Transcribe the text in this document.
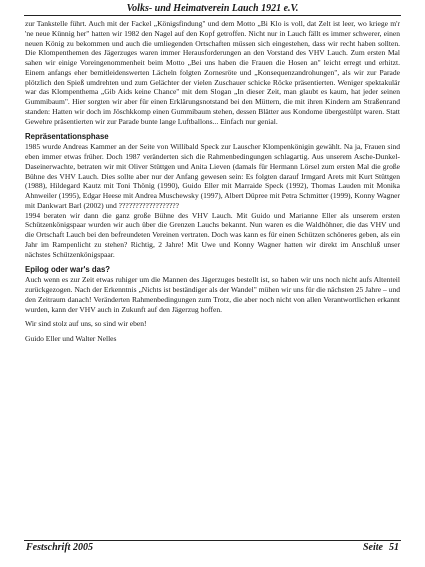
Volks- und Heimatverein Lauch 1921 e.V.

zur Tankstelle führt. Auch mit der Fackel „Königsfindung" und dem Motto „Bi Klo is voll, dat Zelt ist leer, wo kriege m'r 'ne neue Künnig her" hatten wir 1982 den Nagel auf den Kopf getroffen. Nicht nur in Lauch fällt es immer schwerer, einen neuen König zu bekommen und auch die umliegenden Ortschaften müssen sich eingestehen, dass wir recht haben sollten. Die Klompenthemen des Jägerzuges waren immer Herausforderungen an den Vorstand des VHV Lauch. Zum ersten Mal sahen wir einige Voreingenommenheit beim Motto „Bei uns haben die Frauen die Hosen an" leicht erregt und erhitzt. Einem anfangs eher bemitleidenswerten Lächeln folgten Zornesröte und „Konsequenzandrohungen", als wir zur Parade plötzlich den Spieß umdrehten und zum Gelächter der vielen Zuschauer schicke Röcke präsentierten. Weniger spektakulär war das Klompenthema „Gib Aids keine Chance" mit dem Slogan „In dieser Zeit, man glaubt es kaum, hat jeder seinen Gummibaum". Hier sorgten wir aber für einen Erklärungsnotstand bei den Müttern, die mit ihren Kindern am Straßenrand standen: Hatten wir doch im Jöschkkomp einen Gummibaum stehen, dessen Blätter aus Kondome übergestülpt waren. Statt Gewehre präsentierten wir zur Parade bunte lange Luftballons... Einfach nur genial.

Repräsentationsphase

1985 wurde Andreas Kammer an der Seite von Willibald Speck zur Lauscher Klompenkönigin gewählt. Na ja, Frauen sind eben immer etwas früher. Doch 1987 veränderten sich die Rahmenbedingungen schlagartig. Aus unserem Asche-Dunkel-Daseinerwachte, betraten wir mit Oliver Stüttgen und Anita Lieven (damals für Hermann Lörsel zum ersten Mal die große Bühne des VHV Lauch. Dies sollte aber nur der Anfang gewesen sein: Es folgten darauf Irmgard Arets mit Kurt Stüttgen (1988), Hildegard Kautz mit Toni Thönig (1990), Guido Eller mit Marraide Speck (1992), Thomas Lauden mit Monika Ahnweiler (1995), Edgar Heese mit Andrea Muschewsky (1997), Albert Düpree mit Petra Schmitter (1999), Konny Wagner mit Dankwart Barl (2002) und ??????????????????

1994 beraten wir dann die ganz große Bühne des VHV Lauch. Mit Guido und Marianne Eller als unserem ersten Schützenkönigspaar wurden wir auch über die Grenzen Lauchs bekannt. Nun waren es die Waldhöhner, die das VHV und die Ortschaft Lauch bei den befreundeten Vereinen vertraten. Doch was kann es für einen Schützen schöneres geben, als ein Jahr im Rampenlicht zu stehen? Richtig, 2 Jahre! Mit Uwe und Konny Wagner hatten wir direkt im Anschluß unser nächstes Schützenkönigspaar.

Epilog oder war's das?

Auch wenn es zur Zeit etwas ruhiger um die Mannen des Jägerzuges bestellt ist, so haben wir uns noch nicht aufs Altenteil zurückgezogen. Nach der Erkenntnis „Nichts ist beständiger als der Wandel" mühen wir uns für die nächsten 25 Jahre – und den Zeitraum danach! Veränderten Rahmenbedingungen zum Trotz, die aber noch nicht von allen Verantwortlichen erkannt wurden, kann der VHV auch in Zukunft auf den Jägerzug hoffen.

Wir sind stolz auf uns, so sind wir eben!

Guido Eller und Walter Nelles

Festschrift 2005	Seite 51
